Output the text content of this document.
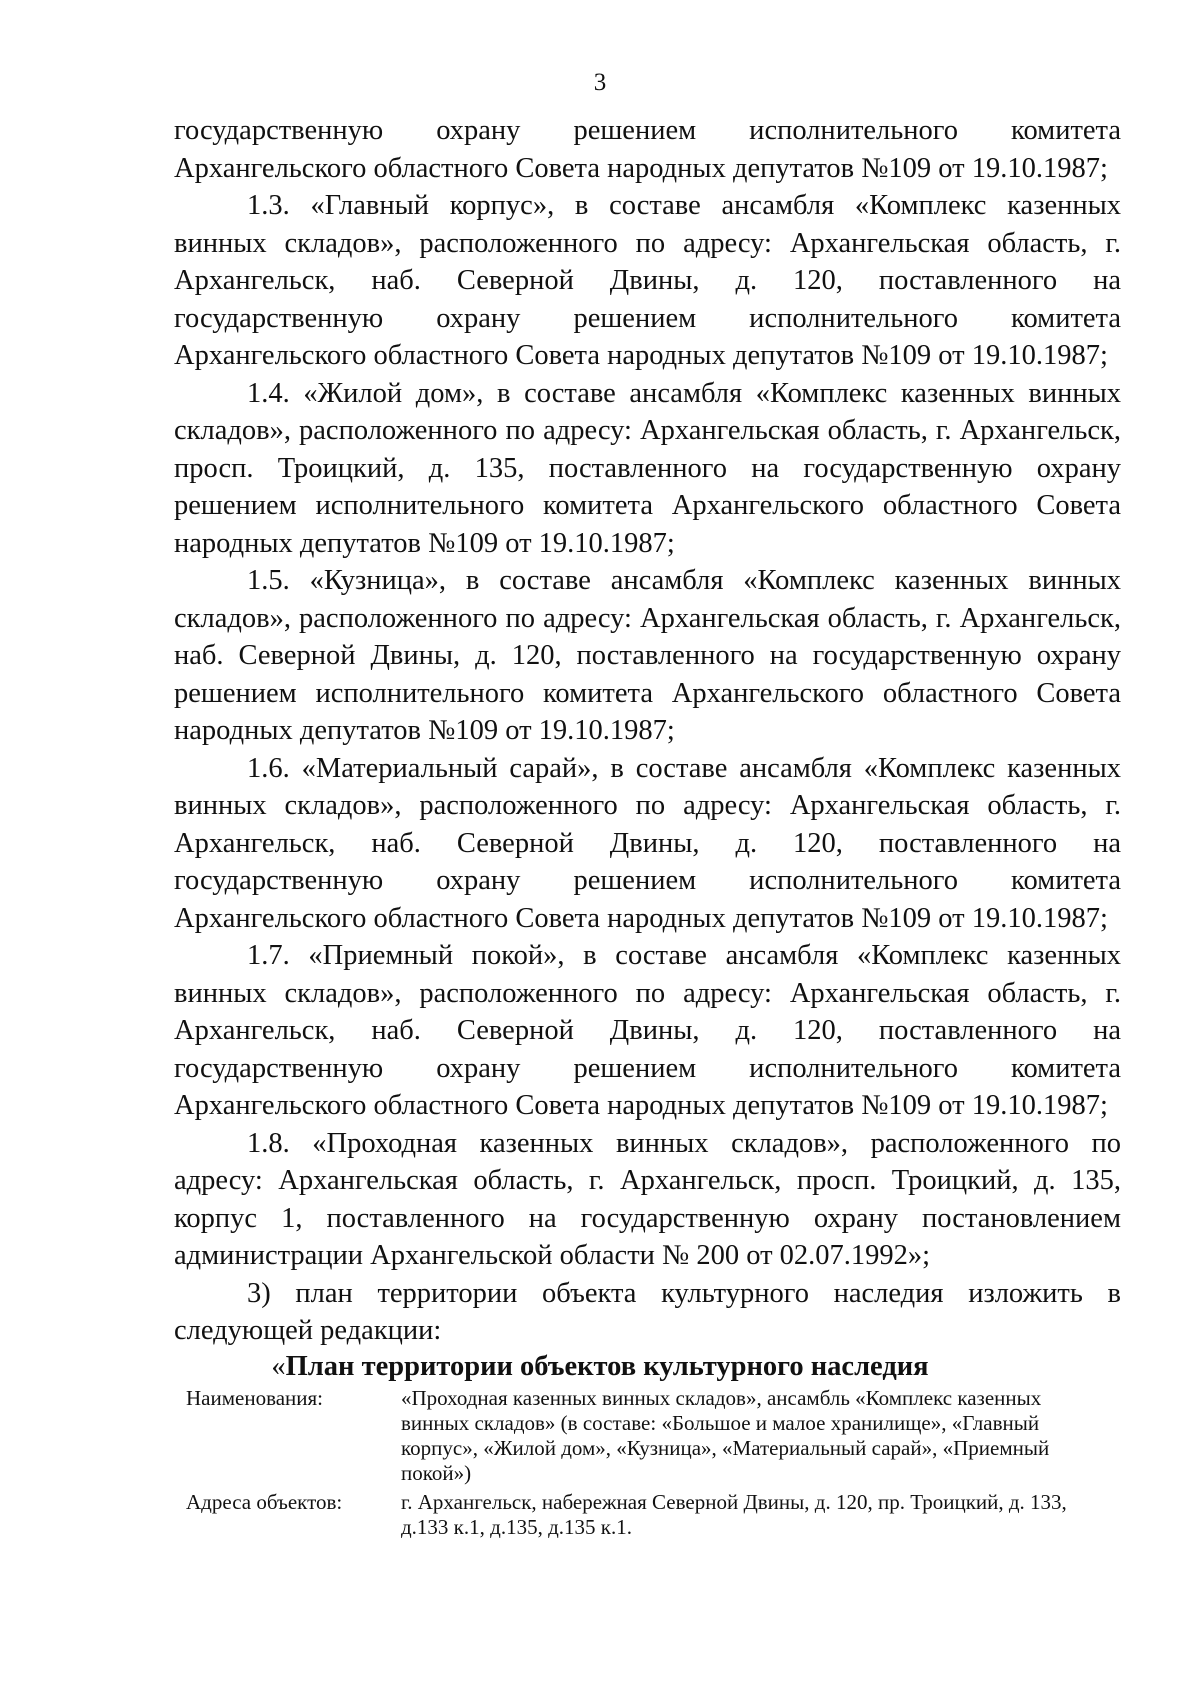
3

государственную охрану решением исполнительного комитета Архангельского областного Совета народных депутатов №109 от 19.10.1987;

1.3. «Главный корпус», в составе ансамбля «Комплекс казенных винных складов», расположенного по адресу: Архангельская область, г. Архангельск, наб. Северной Двины, д. 120, поставленного на государственную охрану решением исполнительного комитета Архангельского областного Совета народных депутатов №109 от 19.10.1987;

1.4. «Жилой дом», в составе ансамбля «Комплекс казенных винных складов», расположенного по адресу: Архангельская область, г. Архангельск, просп. Троицкий, д. 135, поставленного на государственную охрану решением исполнительного комитета Архангельского областного Совета народных депутатов №109 от 19.10.1987;

1.5. «Кузница», в составе ансамбля «Комплекс казенных винных складов», расположенного по адресу: Архангельская область, г. Архангельск, наб. Северной Двины, д. 120, поставленного на государственную охрану решением исполнительного комитета Архангельского областного Совета народных депутатов №109 от 19.10.1987;

1.6. «Материальный сарай», в составе ансамбля «Комплекс казенных винных складов», расположенного по адресу: Архангельская область, г. Архангельск, наб. Северной Двины, д. 120, поставленного на государственную охрану решением исполнительного комитета Архангельского областного Совета народных депутатов №109 от 19.10.1987;

1.7. «Приемный покой», в составе ансамбля «Комплекс казенных винных складов», расположенного по адресу: Архангельская область, г. Архангельск, наб. Северной Двины, д. 120, поставленного на государственную охрану решением исполнительного комитета Архангельского областного Совета народных депутатов №109 от 19.10.1987;

1.8. «Проходная казенных винных складов», расположенного по адресу: Архангельская область, г. Архангельск, просп. Троицкий, д. 135, корпус 1, поставленного на государственную охрану постановлением администрации Архангельской области № 200 от 02.07.1992»;

3) план территории объекта культурного наследия изложить в следующей редакции:

«План территории объектов культурного наследия
Наименования:	«Проходная казенных винных складов», ансамбль «Комплекс казенных винных складов» (в составе: «Большое и малое хранилище», «Главный корпус», «Жилой дом», «Кузница», «Материальный сарай», «Приемный покой»)
Адреса объектов:	г. Архангельск, набережная Северной Двины, д. 120, пр. Троицкий, д. 133, д.133 к.1, д.135, д.135 к.1.
